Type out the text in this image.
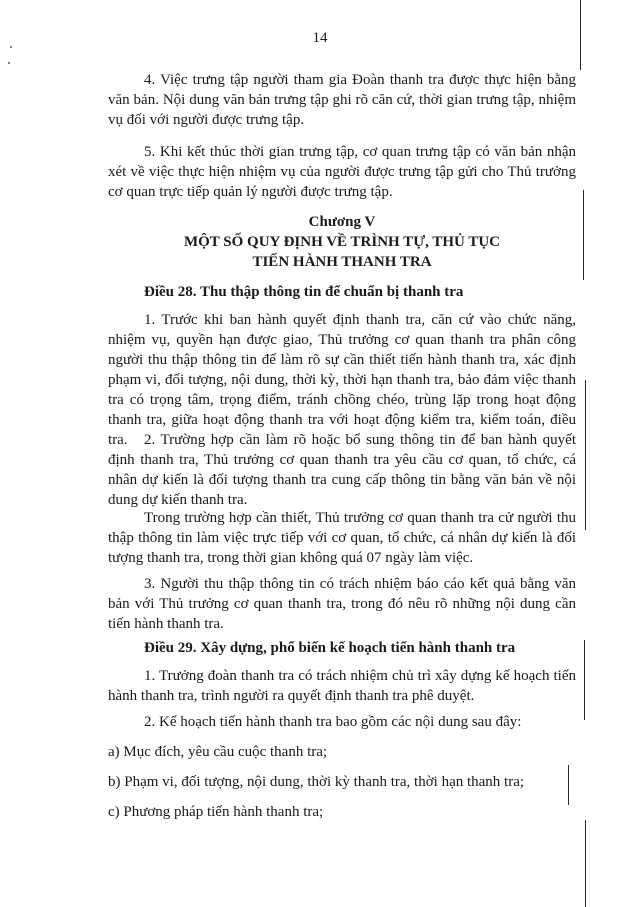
14

4. Việc trưng tập người tham gia Đoàn thanh tra được thực hiện bằng văn bản. Nội dung văn bản trưng tập ghi rõ căn cứ, thời gian trưng tập, nhiệm vụ đối với người được trưng tập.

5. Khi kết thúc thời gian trưng tập, cơ quan trưng tập có văn bản nhận xét về việc thực hiện nhiệm vụ của người được trưng tập gửi cho Thủ trưởng cơ quan trực tiếp quản lý người được trưng tập.

Chương V
MỘT SỐ QUY ĐỊNH VỀ TRÌNH TỰ, THỦ TỤC
TIẾN HÀNH THANH TRA
Điều 28. Thu thập thông tin để chuẩn bị thanh tra

1. Trước khi ban hành quyết định thanh tra, căn cứ vào chức năng, nhiệm vụ, quyền hạn được giao, Thủ trưởng cơ quan thanh tra phân công người thu thập thông tin để làm rõ sự cần thiết tiến hành thanh tra, xác định phạm vi, đối tượng, nội dung, thời kỳ, thời hạn thanh tra, bảo đảm việc thanh tra có trọng tâm, trọng điểm, tránh chồng chéo, trùng lặp trong hoạt động thanh tra, giữa hoạt động thanh tra với hoạt động kiểm tra, kiểm toán, điều tra.	2. Trường hợp cần làm rõ hoặc bổ sung thông tin để ban hành quyết định thanh tra, Thủ trưởng cơ quan thanh tra yêu cầu cơ quan, tổ chức, cá nhân dự kiến là đối tượng thanh tra cung cấp thông tin bằng văn bản về nội dung dự kiến thanh tra.

Trong trường hợp cần thiết, Thủ trưởng cơ quan thanh tra cử người thu thập thông tin làm việc trực tiếp với cơ quan, tổ chức, cá nhân dự kiến là đối tượng thanh tra, trong thời gian không quá 07 ngày làm việc.

3. Người thu thập thông tin có trách nhiệm báo cáo kết quả bằng văn bản với Thủ trưởng cơ quan thanh tra, trong đó nêu rõ những nội dung cần tiến hành thanh tra.

Điều 29. Xây dựng, phổ biến kế hoạch tiến hành thanh tra

1. Trưởng đoàn thanh tra có trách nhiệm chủ trì xây dựng kế hoạch tiến hành thanh tra, trình người ra quyết định thanh tra phê duyệt.

2. Kế hoạch tiến hành thanh tra bao gồm các nội dung sau đây:

a) Mục đích, yêu cầu cuộc thanh tra;

b) Phạm vi, đối tượng, nội dung, thời kỳ thanh tra, thời hạn thanh tra;

c) Phương pháp tiến hành thanh tra;
